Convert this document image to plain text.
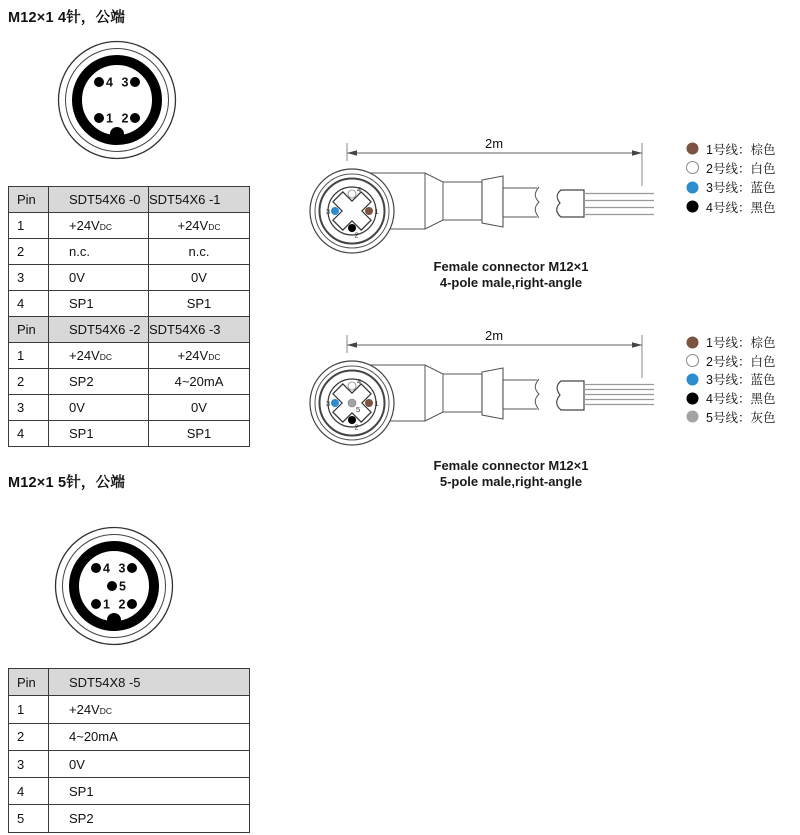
M12×1 4针，公端
4 3
1 2
Pin	SDT54X6 -0	SDT54X6 -1
1	+24VDC	+24VDC
2	n.c.	n.c.
3	0V	0V
4	SP1	SP1
Pin	SDT54X6 -2	SDT54X6 -3
1	+24VDC	+24VDC
2	SP2	4~20mA
3	0V	0V
4	SP1	SP1
2m
4
3	1
2
Female connector M12×1
4-pole male,right-angle
1号线：棕色
2号线：白色
3号线：蓝色
4号线：黑色
2m
4
3	1
2
5
Female connector M12×1
5-pole male,right-angle
1号线：棕色
2号线：白色
3号线：蓝色
4号线：黑色
5号线：灰色
M12×1 5针，公端
4 3
5
1 2
Pin	SDT54X8 -5
1	+24VDC
2	4~20mA
3	0V
4	SP1
5	SP2
